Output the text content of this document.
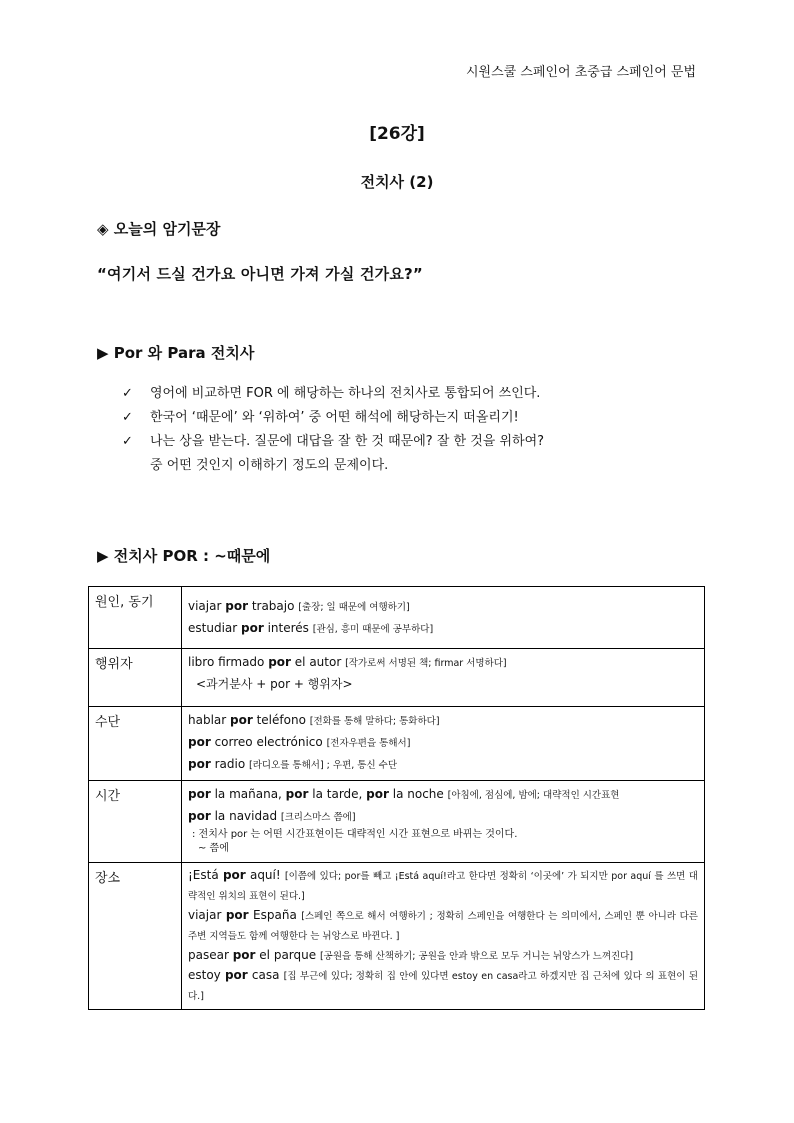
시원스쿨 스페인어 초중급 스페인어 문법
[26강]
전치사 (2)
◈ 오늘의 암기문장
“여기서 드실 건가요 아니면 가져 가실 건가요?”
▶ Por 와 Para 전치사
✓ 영어에 비교하면 FOR 에 해당하는 하나의 전치사로 통합되어 쓰인다.
✓ 한국어 ‘때문에’ 와 ‘위하여’ 중 어떤 해석에 해당하는지 떠올리기!
✓ 나는 상을 받는다. 질문에 대답을 잘 한 것 때문에? 잘 한 것을 위하여?
중 어떤 것인지 이해하기 정도의 문제이다.
▶ 전치사 POR : ~때문에
원인, 동기	viajar por trabajo [출장; 일 때문에 여행하기]
estudiar por interés [관심, 흥미 때문에 공부하다]

행위자	libro firmado por el autor [작가로써 서명된 책; firmar 서명하다]
<과거분사 + por + 행위자>

수단	hablar por teléfono [전화를 통해 말하다; 통화하다]
por correo electrónico [전자우편을 통해서]
por radio [라디오를 통해서] ; 우편, 통신 수단

시간	por la mañana, por la tarde, por la noche [아침에, 점심에, 밤에; 대략적인 시간표현
por la navidad [크리스마스 쯤에]
: 전치사 por 는 어떤 시간표현이든 대략적인 시간 표현으로 바뀌는 것이다.
~ 쯤에

장소	¡Está por aquí! [이쯤에 있다; por를 빼고 ¡Está aquí!라고 한다면 정확히 ‘이곳에’ 가 되지만 por aquí 를 쓰면 대략적인 위치의 표현이 된다.]
viajar por España [스페인 쪽으로 해서 여행하기 ; 정확히 스페인을 여행한다 는 의미에서, 스페인 뿐 아니라 다른 주변 지역들도 함께 여행한다 는 뉘앙스로 바뀐다. ]
pasear por el parque [공원을 통해 산책하기; 공원을 안과 밖으로 모두 거니는 뉘앙스가 느껴진다]
estoy por casa [집 부근에 있다; 정확히 집 안에 있다면 estoy en casa라고 하겠지만 집 근처에 있다 의 표현이 된다.]
